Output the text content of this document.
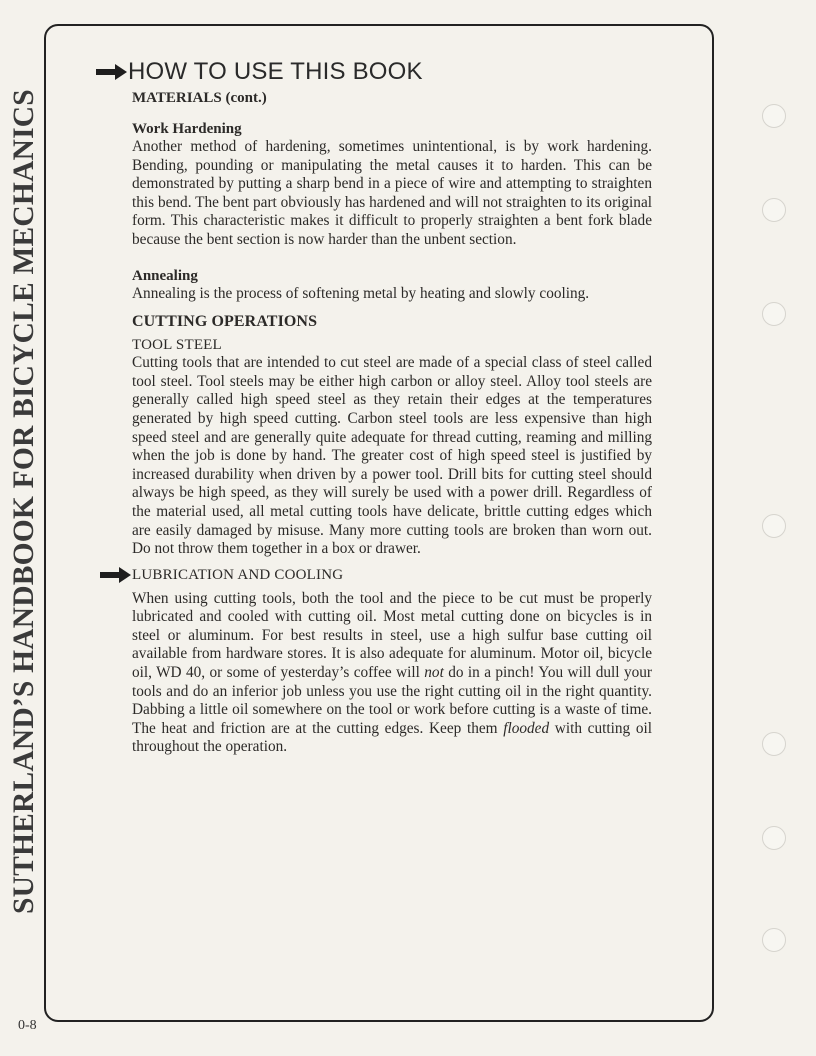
SUTHERLAND’S HANDBOOK FOR BICYCLE MECHANICS
HOW TO USE THIS BOOK
MATERIALS (cont.)
Work Hardening

Another method of hardening, sometimes unintentional, is by work hardening. Bending, pounding or manipulating the metal causes it to harden. This can be demonstrated by putting a sharp bend in a piece of wire and attempting to straighten this bend. The bent part obviously has hardened and will not straighten to its original form. This characteristic makes it difficult to properly straighten a bent fork blade because the bent section is now harder than the unbent section.

Annealing

Annealing is the process of softening metal by heating and slowly cooling.

CUTTING OPERATIONS
TOOL STEEL

Cutting tools that are intended to cut steel are made of a special class of steel called tool steel. Tool steels may be either high carbon or alloy steel. Alloy tool steels are generally called high speed steel as they retain their edges at the temperatures generated by high speed cutting. Carbon steel tools are less expensive than high speed steel and are generally quite adequate for thread cutting, reaming and milling when the job is done by hand. The greater cost of high speed steel is justified by increased durability when driven by a power tool. Drill bits for cutting steel should always be high speed, as they will surely be used with a power drill. Regardless of the material used, all metal cutting tools have delicate, brittle cutting edges which are easily damaged by misuse. Many more cutting tools are broken than worn out. Do not throw them together in a box or drawer.

LUBRICATION AND COOLING

When using cutting tools, both the tool and the piece to be cut must be properly lubricated and cooled with cutting oil. Most metal cutting done on bicycles is in steel or aluminum. For best results in steel, use a high sulfur base cutting oil available from hardware stores. It is also adequate for aluminum. Motor oil, bicycle oil, WD 40, or some of yesterday’s coffee will not do in a pinch! You will dull your tools and do an inferior job unless you use the right cutting oil in the right quantity. Dabbing a little oil somewhere on the tool or work before cutting is a waste of time. The heat and friction are at the cutting edges. Keep them flooded with cutting oil throughout the operation.

0-8
